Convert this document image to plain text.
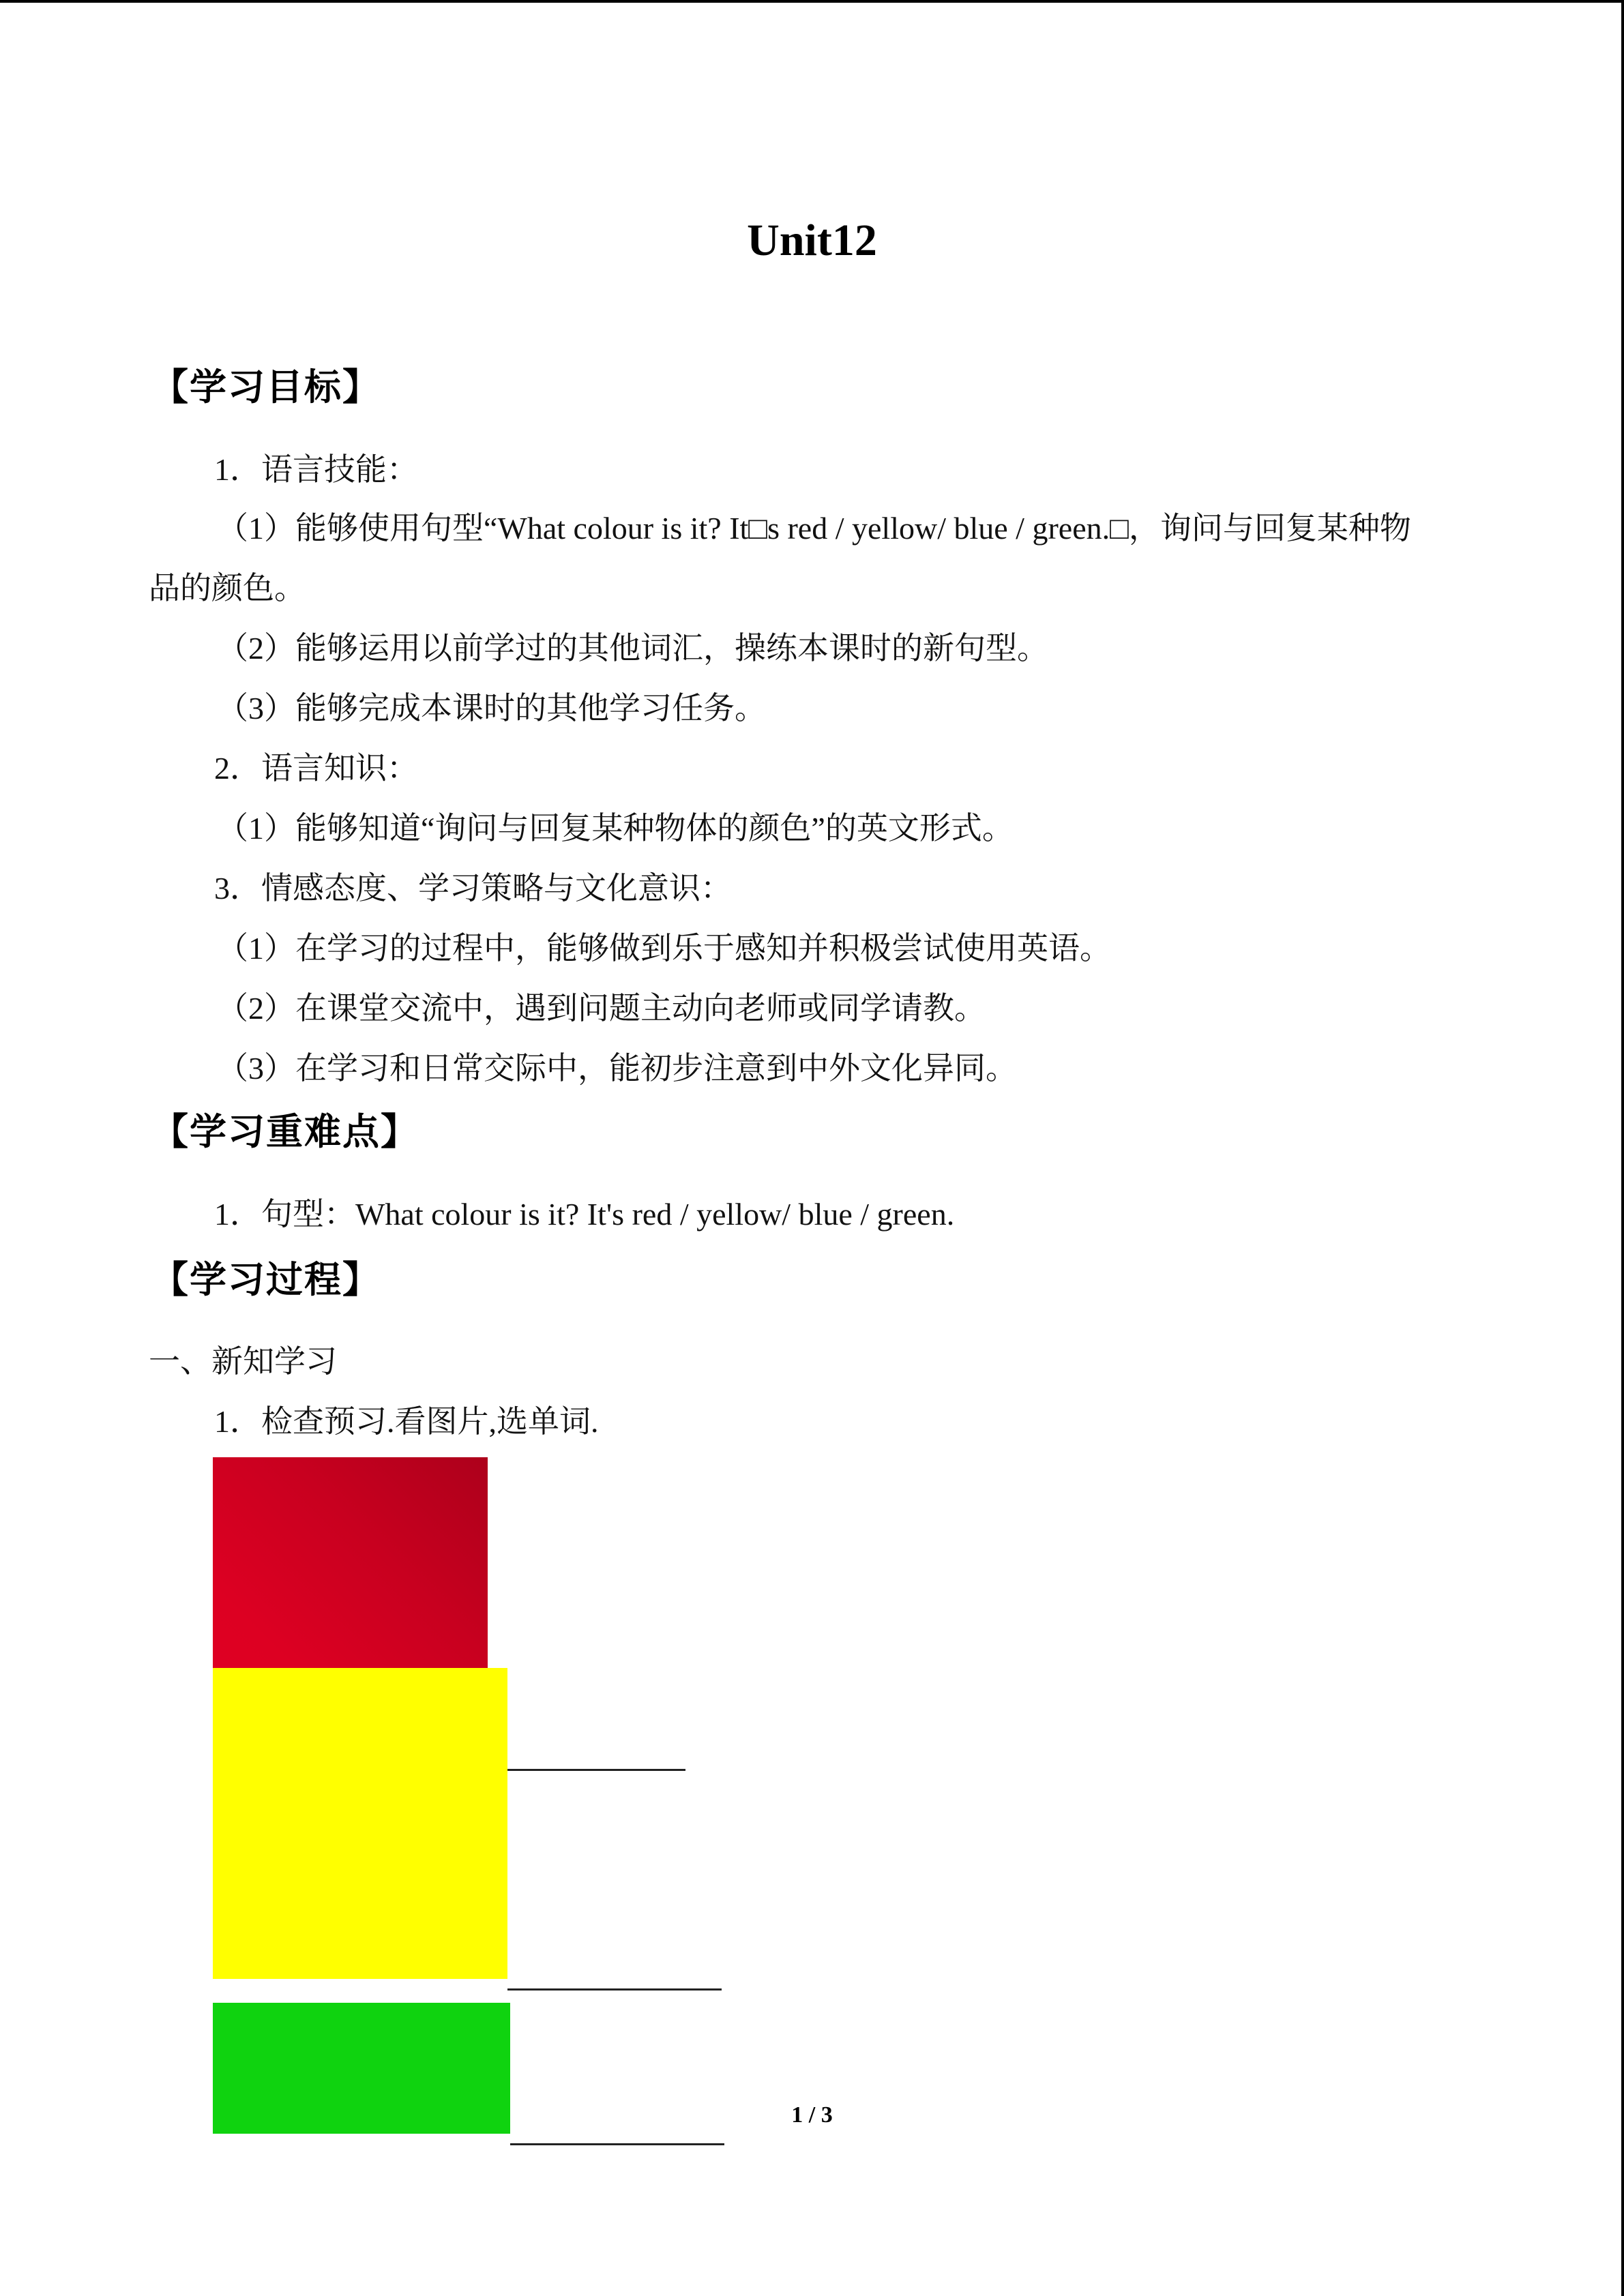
Unit12
【学习目标】
1．语言技能：
（1）能够使用句型“What colour is it? It□s red / yellow/ blue / green.□，询问与回复某种物
品的颜色。
（2）能够运用以前学过的其他词汇，操练本课时的新句型。
（3）能够完成本课时的其他学习任务。
2．语言知识：
（1）能够知道“询问与回复某种物体的颜色”的英文形式。
3．情感态度、学习策略与文化意识：
（1）在学习的过程中，能够做到乐于感知并积极尝试使用英语。
（2）在课堂交流中，遇到问题主动向老师或同学请教。
（3）在学习和日常交际中，能初步注意到中外文化异同。
【学习重难点】
1．句型：What colour is it? It's red / yellow/ blue / green.
【学习过程】
一、新知学习
1．检查预习.看图片,选单词.
1 / 3
